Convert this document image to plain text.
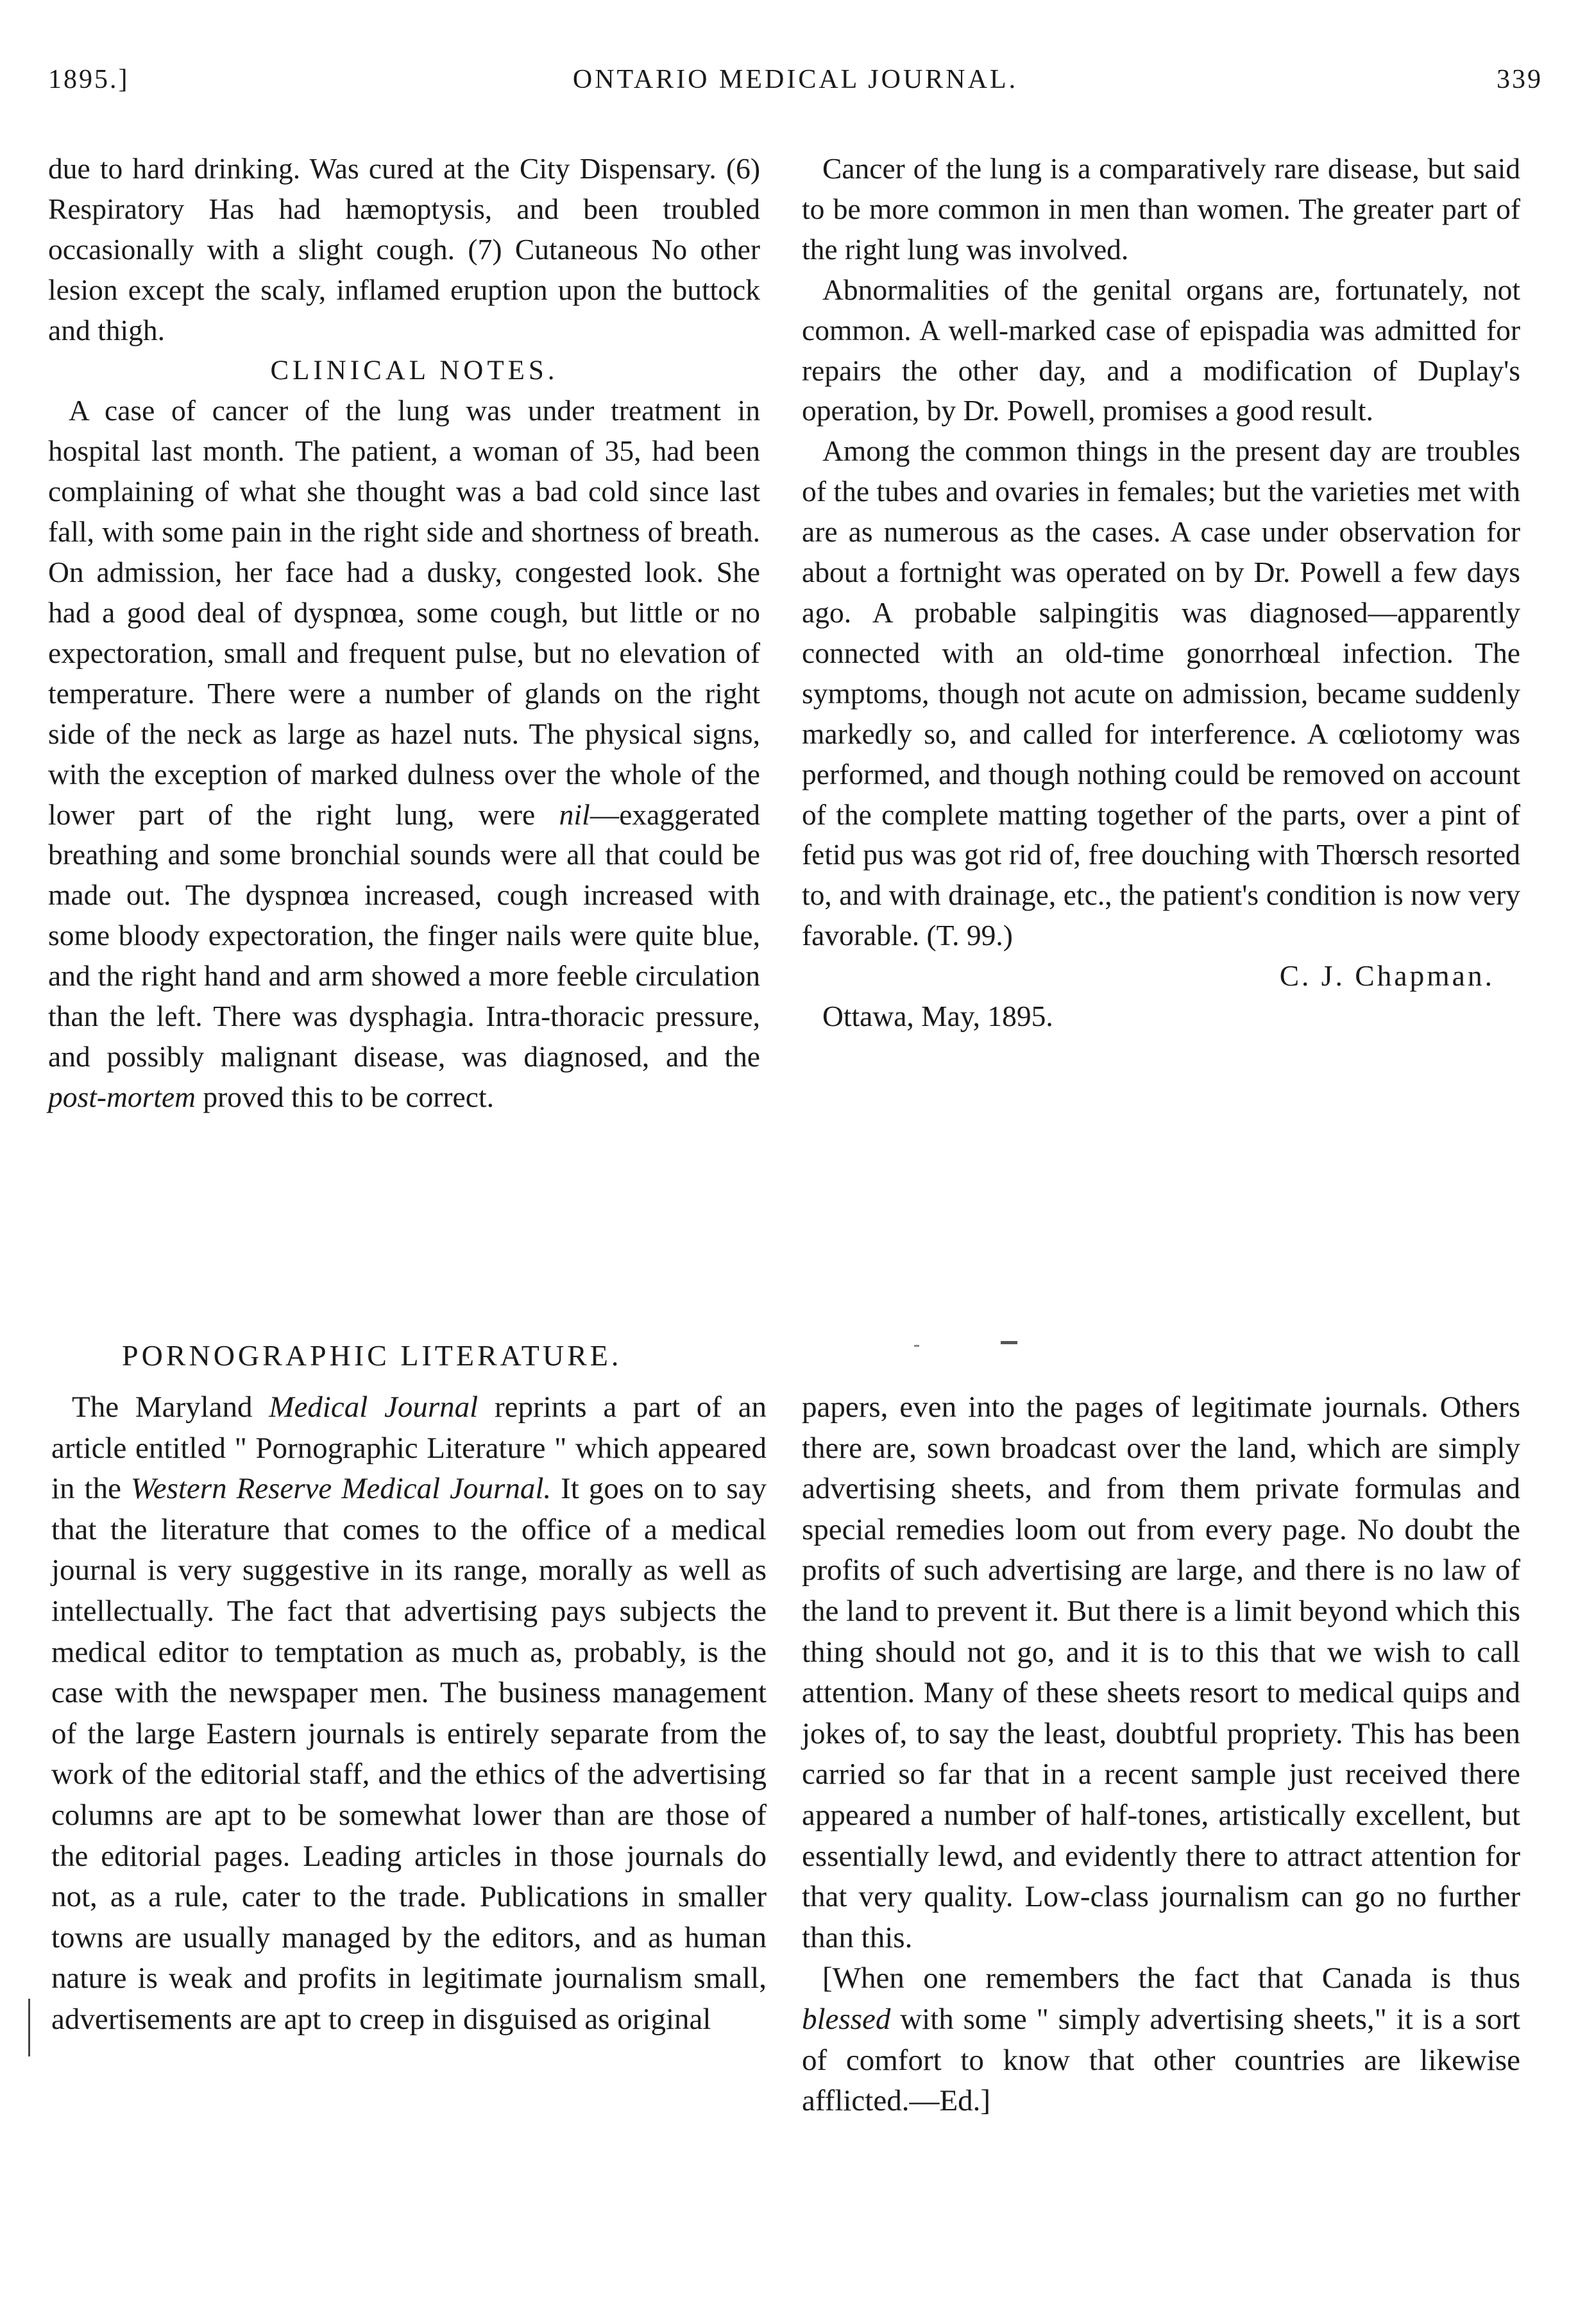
1895.]	ONTARIO MEDICAL JOURNAL.	339

due to hard drinking. Was cured at the City Dispensary. (6) Respiratory Has had hæmoptysis, and been troubled occasionally with a slight cough. (7) Cutaneous No other lesion except the scaly, inflamed eruption upon the buttock and thigh.

CLINICAL NOTES.

A case of cancer of the lung was under treatment in hospital last month. The patient, a woman of 35, had been complaining of what she thought was a bad cold since last fall, with some pain in the right side and shortness of breath. On admission, her face had a dusky, congested look. She had a good deal of dyspnœa, some cough, but little or no expectoration, small and frequent pulse, but no elevation of temperature. There were a number of glands on the right side of the neck as large as hazel nuts. The physical signs, with the exception of marked dulness over the whole of the lower part of the right lung, were nil—exaggerated breathing and some bronchial sounds were all that could be made out. The dyspnœa increased, cough increased with some bloody expectoration, the finger nails were quite blue, and the right hand and arm showed a more feeble circulation than the left. There was dysphagia. Intra-thoracic pressure, and possibly malignant disease, was diagnosed, and the post-mortem proved this to be correct.

Cancer of the lung is a comparatively rare disease, but said to be more common in men than women. The greater part of the right lung was involved.

Abnormalities of the genital organs are, fortunately, not common. A well-marked case of epispadia was admitted for repairs the other day, and a modification of Duplay's operation, by Dr. Powell, promises a good result.

Among the common things in the present day are troubles of the tubes and ovaries in females; but the varieties met with are as numerous as the cases. A case under observation for about a fortnight was operated on by Dr. Powell a few days ago. A probable salpingitis was diagnosed—apparently connected with an old-time gonorrhœal infection. The symptoms, though not acute on admission, became suddenly markedly so, and called for interference. A cœliotomy was performed, and though nothing could be removed on account of the complete matting together of the parts, over a pint of fetid pus was got rid of, free douching with Thœrsch resorted to, and with drainage, etc., the patient's condition is now very favorable. (T. 99.)

C. J. Chapman.

Ottawa, May, 1895.

PORNOGRAPHIC LITERATURE.

The Maryland Medical Journal reprints a part of an article entitled " Pornographic Literature " which appeared in the Western Reserve Medical Journal. It goes on to say that the literature that comes to the office of a medical journal is very suggestive in its range, morally as well as intellectually. The fact that advertising pays subjects the medical editor to temptation as much as, probably, is the case with the newspaper men. The business management of the large Eastern journals is entirely separate from the work of the editorial staff, and the ethics of the advertising columns are apt to be somewhat lower than are those of the editorial pages. Leading articles in those journals do not, as a rule, cater to the trade. Publications in smaller towns are usually managed by the editors, and as human nature is weak and profits in legitimate journalism small, advertisements are apt to creep in disguised as original

papers, even into the pages of legitimate journals. Others there are, sown broadcast over the land, which are simply advertising sheets, and from them private formulas and special remedies loom out from every page. No doubt the profits of such advertising are large, and there is no law of the land to prevent it. But there is a limit beyond which this thing should not go, and it is to this that we wish to call attention. Many of these sheets resort to medical quips and jokes of, to say the least, doubtful propriety. This has been carried so far that in a recent sample just received there appeared a number of half-tones, artistically excellent, but essentially lewd, and evidently there to attract attention for that very quality. Low-class journalism can go no further than this.

[When one remembers the fact that Canada is thus blessed with some " simply advertising sheets," it is a sort of comfort to know that other countries are likewise afflicted.—Ed.]
